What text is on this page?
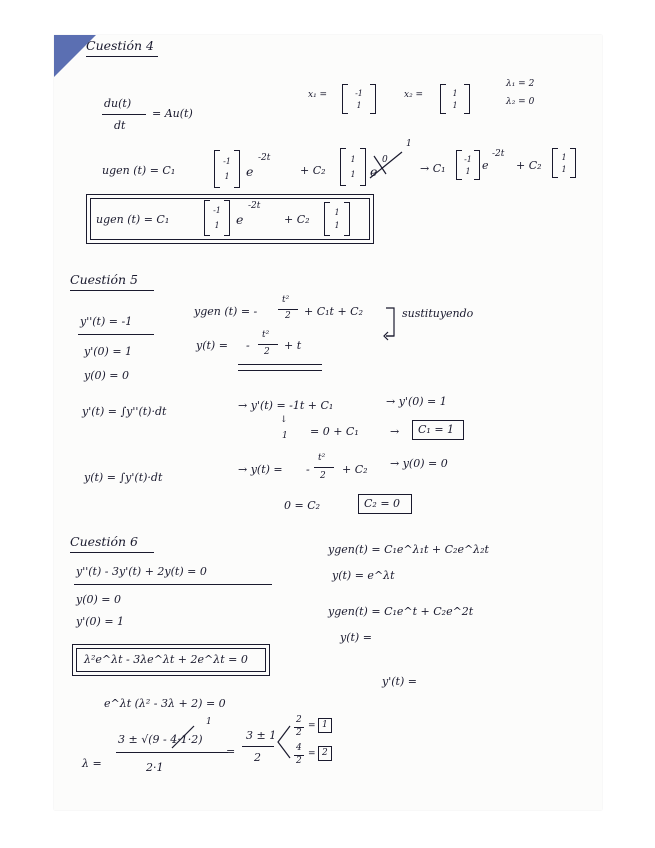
Cuestión 4
du(t)
dt
= Au(t)
x₁ =	-1
1
x₂ =	1
1
λ₁ = 2
λ₂ = 0
ugen (t) = C₁
-1
1	e
-2t
+ C₂
1
1	e
0
1
→ C₁
-1
1	e
-2t
+ C₂
1
1
ugen (t) = C₁
-1
1	e
-2t
+ C₂
1
1
Cuestión 5
y''(t) = -1
y'(0) = 1
y(0) = 0
ygen (t) = -
t²
2 + C₁t + C₂	sustituyendo
y(t) = -
t²
2 + t
y'(t) = ∫y''(t)·dt	→ y'(t) = -1t + C₁	→ y'(0) = 1
↓
1 = 0 + C₁	→ C₁ = 1
y(t) = ∫y'(t)·dt
→ y(t) = -
t²
2 + C₂ → y(0) = 0
0 = C₂	C₂ = 0
Cuestión 6
y''(t) - 3y'(t) + 2y(t) = 0
y(0) = 0
y'(0) = 1
ygen(t) = C₁e^λ₁t + C₂e^λ₂t
y(t) = e^λt
ygen(t) = C₁e^t + C₂e^2t
y(t) =
y'(t) =
λ²e^λt - 3λe^λt + 2e^λt = 0
e^λt (λ² - 3λ + 2) = 0
1
λ =
3 ± √(9 - 4·1·2)
2·1
=
3 ± 1
2
2
2
= 1
4
2
= 2
